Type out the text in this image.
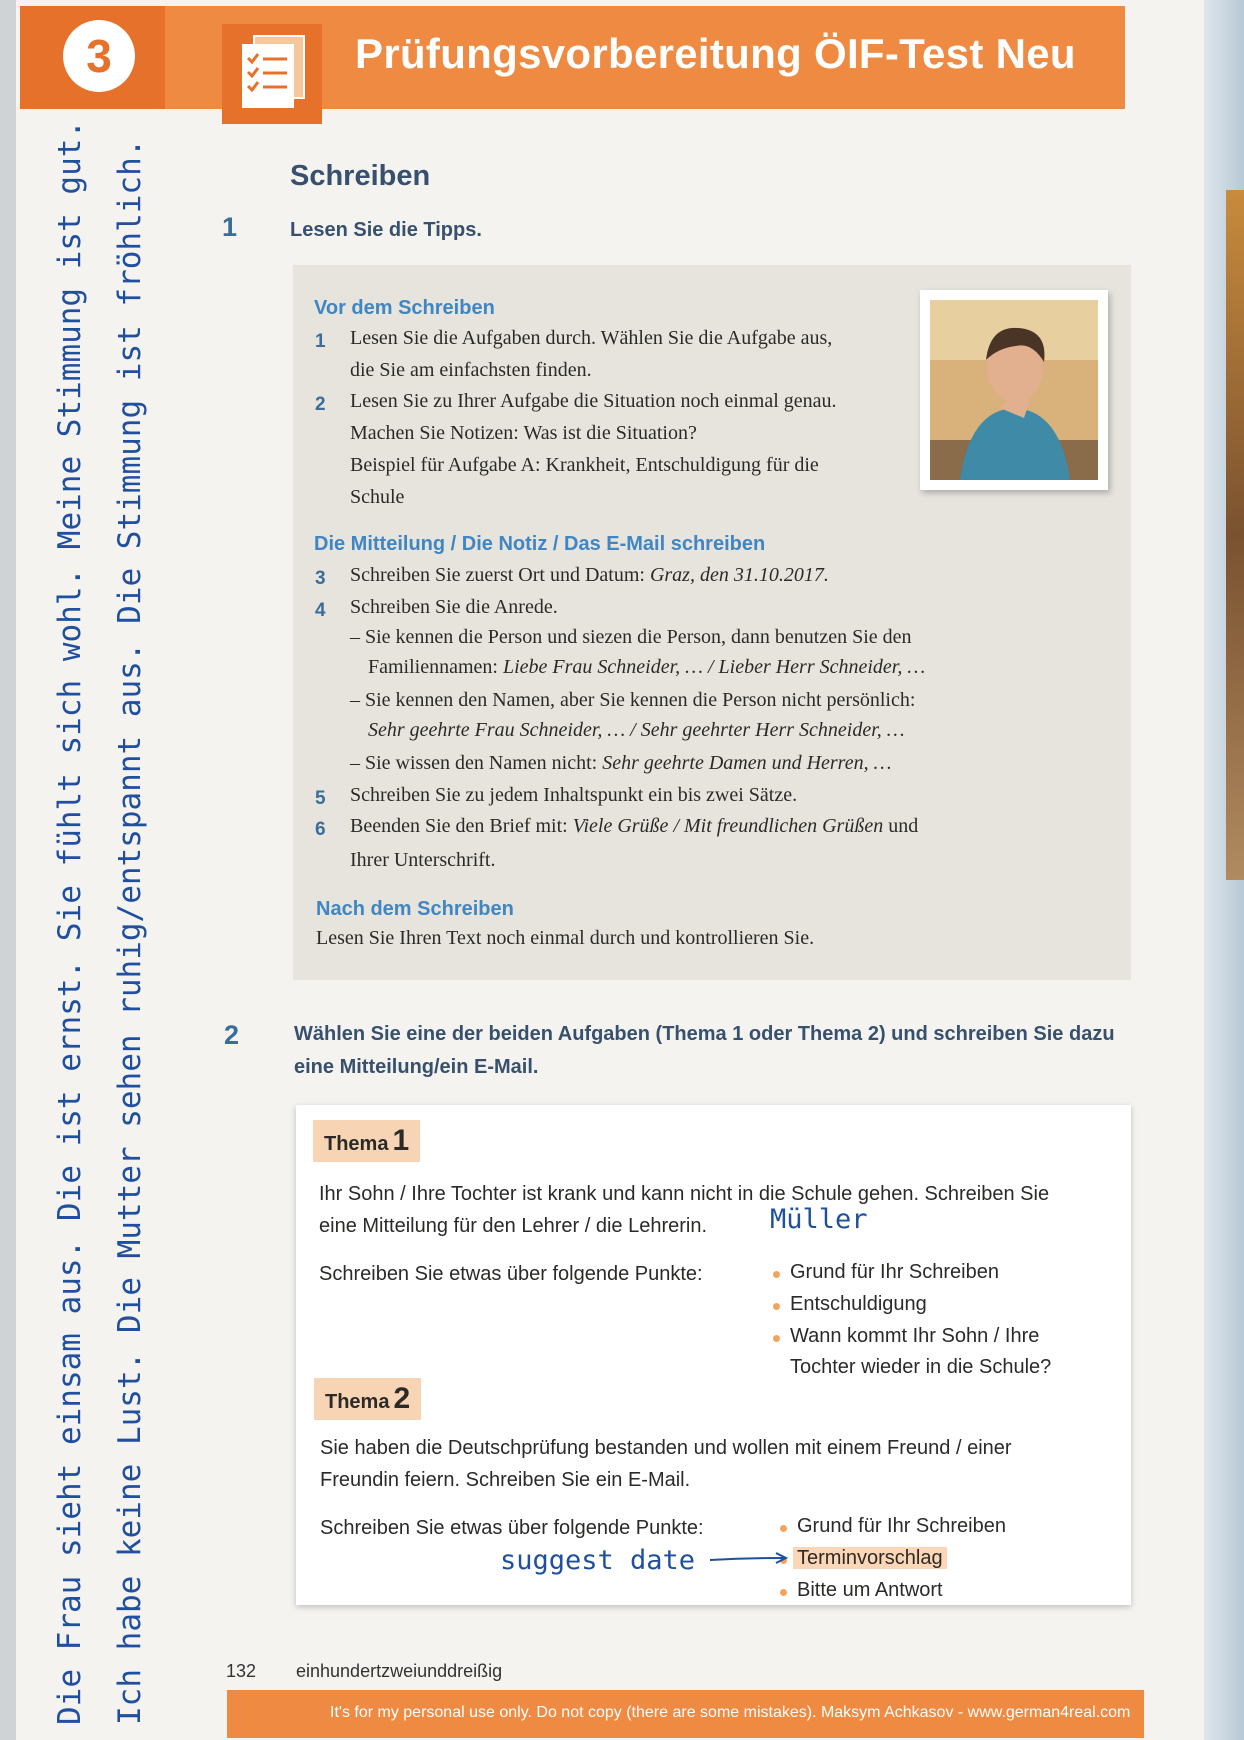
3	Prüfungsvorbereitung ÖIF-Test Neu
Die Frau sieht einsam aus. Die ist ernst. Sie fühlt sich wohl. Meine Stimmung ist gut. Ich habe keine Lust. Die Mutter sehen ruhig/entspannt aus. Die Stimmung ist fröhlich.	Schreiben
1	Lesen Sie die Tipps.
Vor dem Schreiben
1 Lesen Sie die Aufgaben durch. Wählen Sie die Aufgabe aus,
die Sie am einfachsten finden.
2 Lesen Sie zu Ihrer Aufgabe die Situation noch einmal genau.
Machen Sie Notizen: Was ist die Situation?
Beispiel für Aufgabe A: Krankheit, Entschuldigung für die
Schule
Die Mitteilung / Die Notiz / Das E-Mail schreiben
3 Schreiben Sie zuerst Ort und Datum: Graz, den 31.10.2017.
4 Schreiben Sie die Anrede.
– Sie kennen die Person und siezen die Person, dann benutzen Sie den
Familiennamen: Liebe Frau Schneider, … / Lieber Herr Schneider, …
– Sie kennen den Namen, aber Sie kennen die Person nicht persönlich:
Sehr geehrte Frau Schneider, … / Sehr geehrter Herr Schneider, …
– Sie wissen den Namen nicht: Sehr geehrte Damen und Herren, …
5 Schreiben Sie zu jedem Inhaltspunkt ein bis zwei Sätze.
6 Beenden Sie den Brief mit: Viele Grüße / Mit freundlichen Grüßen und
Ihrer Unterschrift.
Nach dem Schreiben
Lesen Sie Ihren Text noch einmal durch und kontrollieren Sie.
2	Wählen Sie eine der beiden Aufgaben (Thema 1 oder Thema 2) und schreiben Sie dazu
eine Mitteilung/ein E-Mail.
Thema 1
Ihr Sohn / Ihre Tochter ist krank und kann nicht in die Schule gehen. Schreiben Sie
eine Mitteilung für den Lehrer / die Lehrerin. Müller
Schreiben Sie etwas über folgende Punkte:	Grund für Ihr Schreiben
Entschuldigung
Wann kommt Ihr Sohn / Ihre
Tochter wieder in die Schule?
Thema 2
Sie haben die Deutschprüfung bestanden und wollen mit einem Freund / einer
Freundin feiern. Schreiben Sie ein E-Mail.
Schreiben Sie etwas über folgende Punkte:	Grund für Ihr Schreiben
Terminvorschlag
Bitte um Antwort
suggest date
132 einhundertzweiunddreißig
It's for my personal use only. Do not copy (there are some mistakes). Maksym Achkasov - www.german4real.com
